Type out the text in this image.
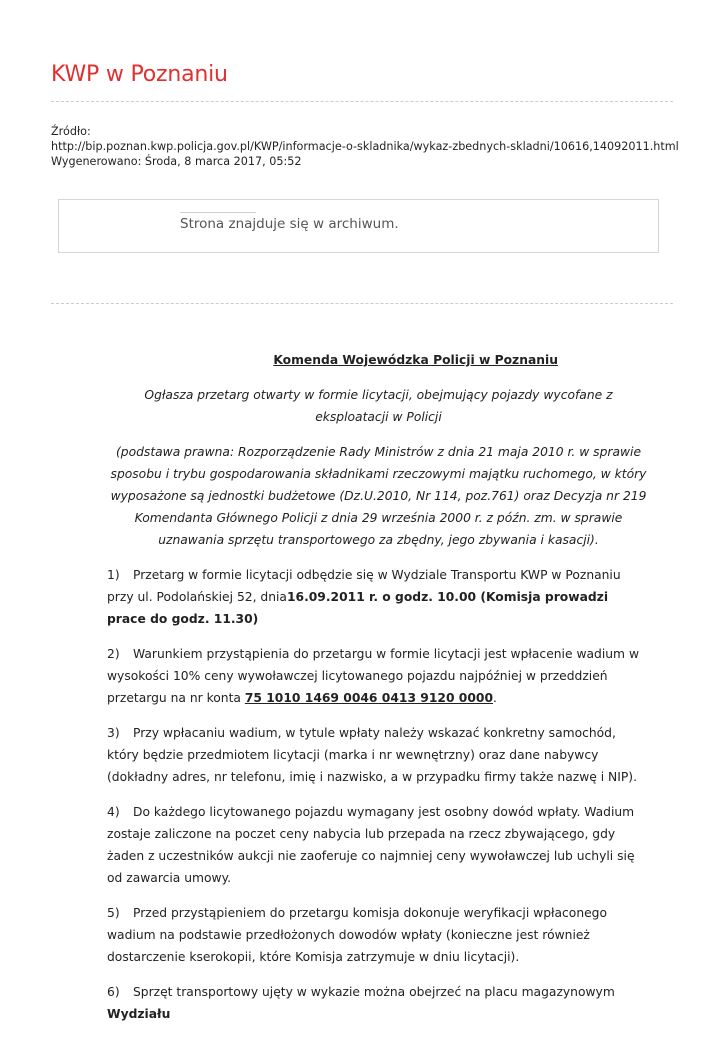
KWP w Poznaniu
Źródło:
http://bip.poznan.kwp.policja.gov.pl/KWP/informacje-o-skladnika/wykaz-zbednych-skladni/10616,14092011.html
Wygenerowano: Środa, 8 marca 2017, 05:52
Strona znajduje się w archiwum.
Komenda Wojewódzka Policji w Poznaniu
Ogłasza przetarg otwarty w formie licytacji, obejmujący pojazdy wycofane z eksploatacji w Policji
(podstawa prawna: Rozporządzenie Rady Ministrów z dnia 21 maja 2010 r. w sprawie sposobu i trybu gospodarowania składnikami rzeczowymi majątku ruchomego, w który wyposażone są jednostki budżetowe (Dz.U.2010, Nr 114, poz.761) oraz Decyzja nr 219 Komendanta Głównego Policji z dnia 29 września 2000 r. z późn. zm. w sprawie uznawania sprzętu transportowego za zbędny, jego zbywania i kasacji).
1) Przetarg w formie licytacji odbędzie się w Wydziale Transportu KWP w Poznaniu przy ul. Podolańskiej 52, dnia16.09.2011 r. o godz. 10.00 (Komisja prowadzi prace do godz. 11.30)
2) Warunkiem przystąpienia do przetargu w formie licytacji jest wpłacenie wadium w wysokości 10% ceny wywoławczej licytowanego pojazdu najpóźniej w przeddzień przetargu na nr konta 75 1010 1469 0046 0413 9120 0000.
3) Przy wpłacaniu wadium, w tytule wpłaty należy wskazać konkretny samochód, który będzie przedmiotem licytacji (marka i nr wewnętrzny) oraz dane nabywcy (dokładny adres, nr telefonu, imię i nazwisko, a w przypadku firmy także nazwę i NIP).
4) Do każdego licytowanego pojazdu wymagany jest osobny dowód wpłaty. Wadium zostaje zaliczone na poczet ceny nabycia lub przepada na rzecz zbywającego, gdy żaden z uczestników aukcji nie zaoferuje co najmniej ceny wywoławczej lub uchyli się od zawarcia umowy.
5) Przed przystąpieniem do przetargu komisja dokonuje weryfikacji wpłaconego wadium na podstawie przedłożonych dowodów wpłaty (konieczne jest również dostarczenie kserokopii, które Komisja zatrzymuje w dniu licytacji).
6) Sprzęt transportowy ujęty w wykazie można obejrzeć na placu magazynowym Wydziału
